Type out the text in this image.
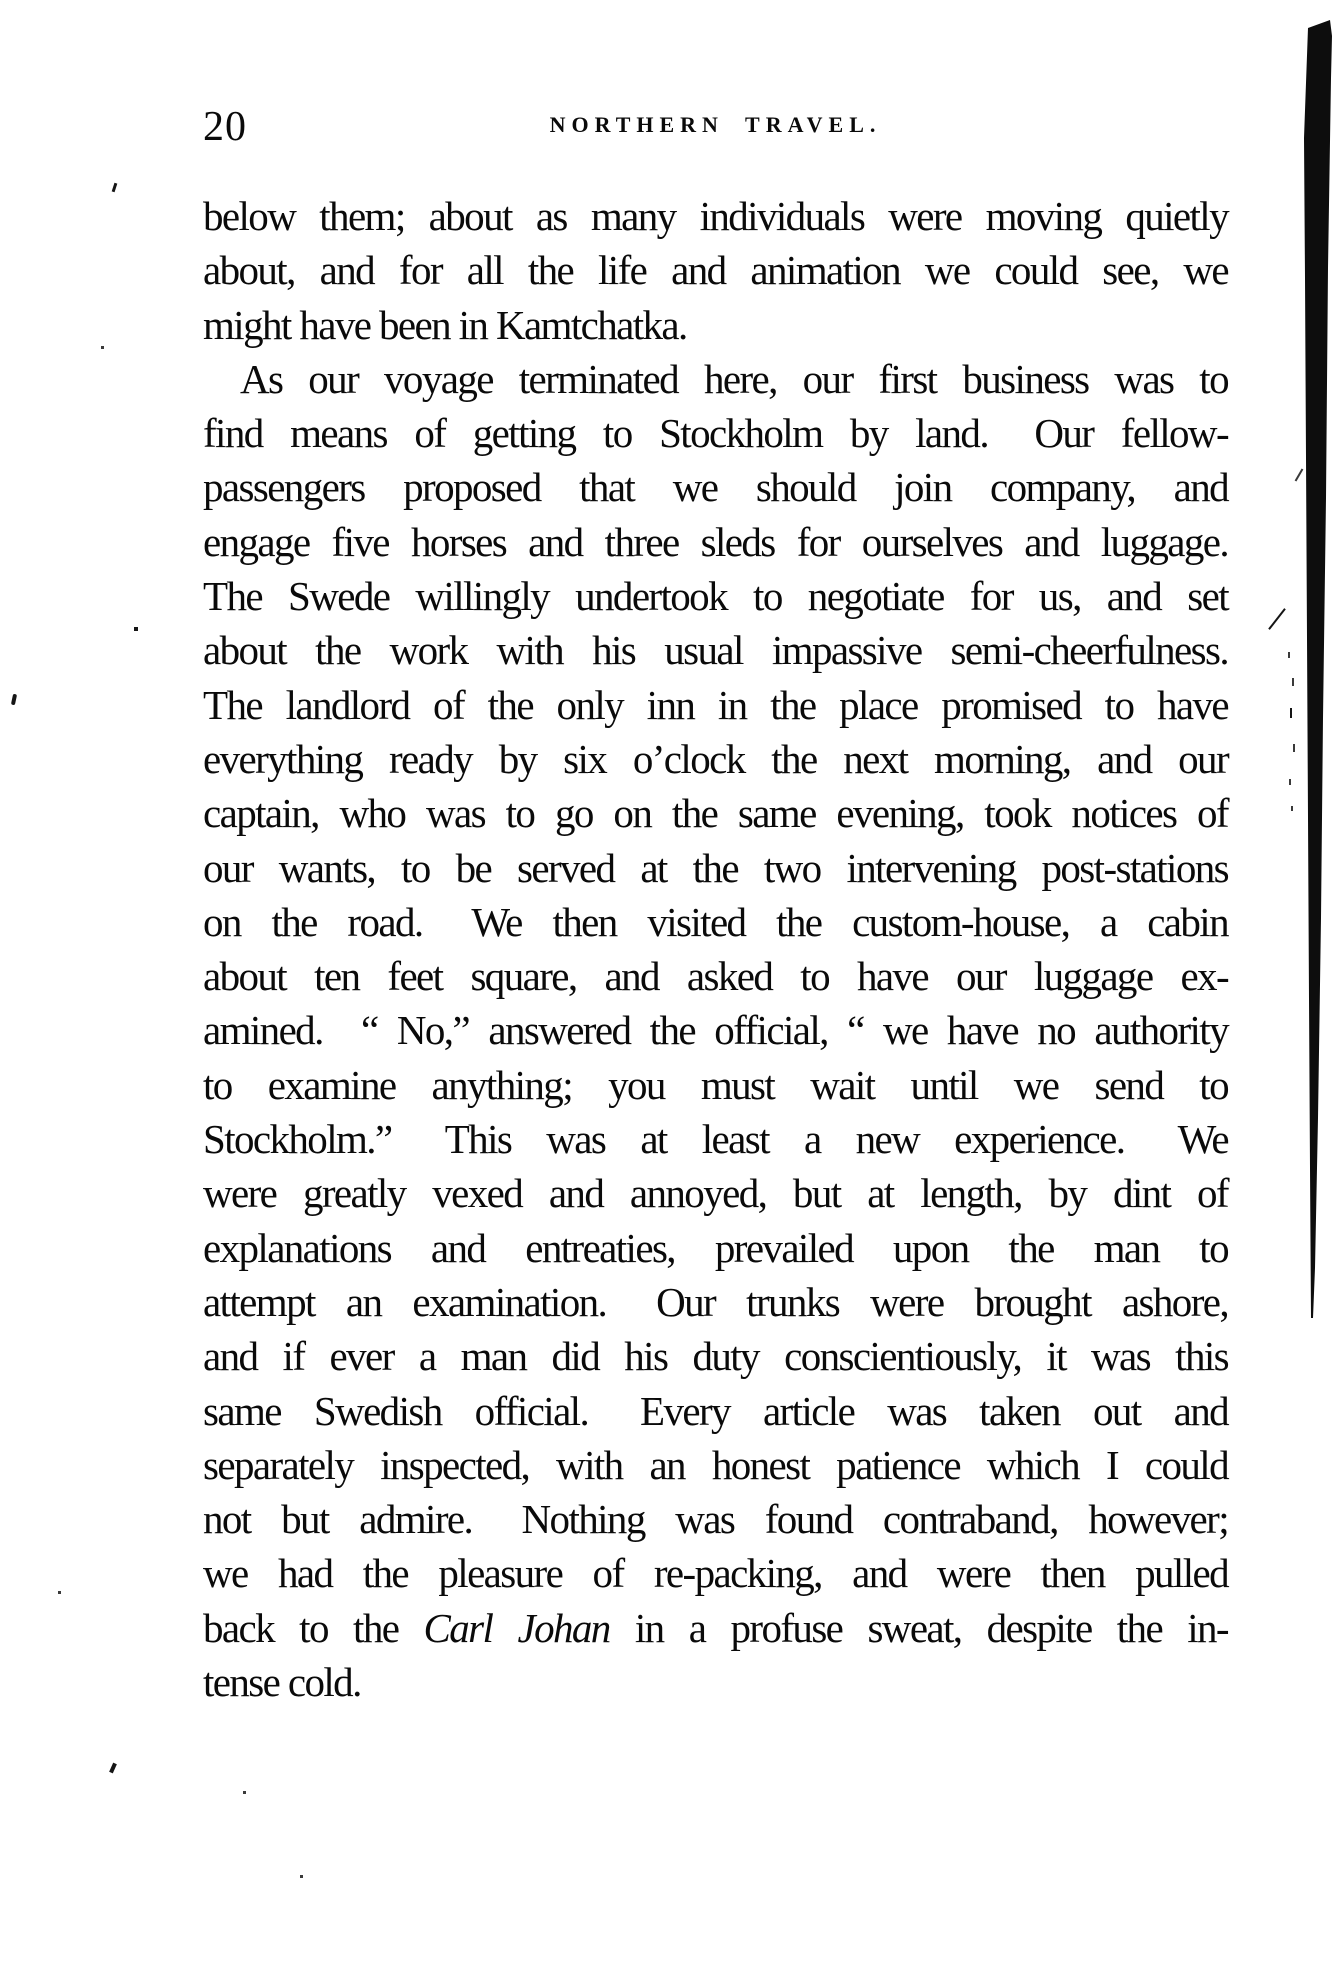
20	NORTHERN TRAVEL.
below them; about as many individuals were moving quietly
about, and for all the life and animation we could see, we
might have been in Kamtchatka.
As our voyage terminated here, our first business was to
find means of getting to Stockholm by land.  Our fellow-
passengers proposed that we should join company, and
engage five horses and three sleds for ourselves and luggage.
The Swede willingly undertook to negotiate for us, and set
about the work with his usual impassive semi-cheerfulness.
The landlord of the only inn in the place promised to have
everything ready by six o’clock the next morning, and our
captain, who was to go on the same evening, took notices of
our wants, to be served at the two intervening post-stations
on the road.  We then visited the custom-house, a cabin
about ten feet square, and asked to have our luggage ex-
amined.  “ No,” answered the official, “ we have no authority
to examine anything; you must wait until we send to
Stockholm.”  This was at least a new experience.  We
were greatly vexed and annoyed, but at length, by dint of
explanations and entreaties, prevailed upon the man to
attempt an examination.  Our trunks were brought ashore,
and if ever a man did his duty conscientiously, it was this
same Swedish official.  Every article was taken out and
separately inspected, with an honest patience which I could
not but admire.  Nothing was found contraband, however;
we had the pleasure of re-packing, and were then pulled
back to the Carl Johan in a profuse sweat, despite the in-
tense cold.
